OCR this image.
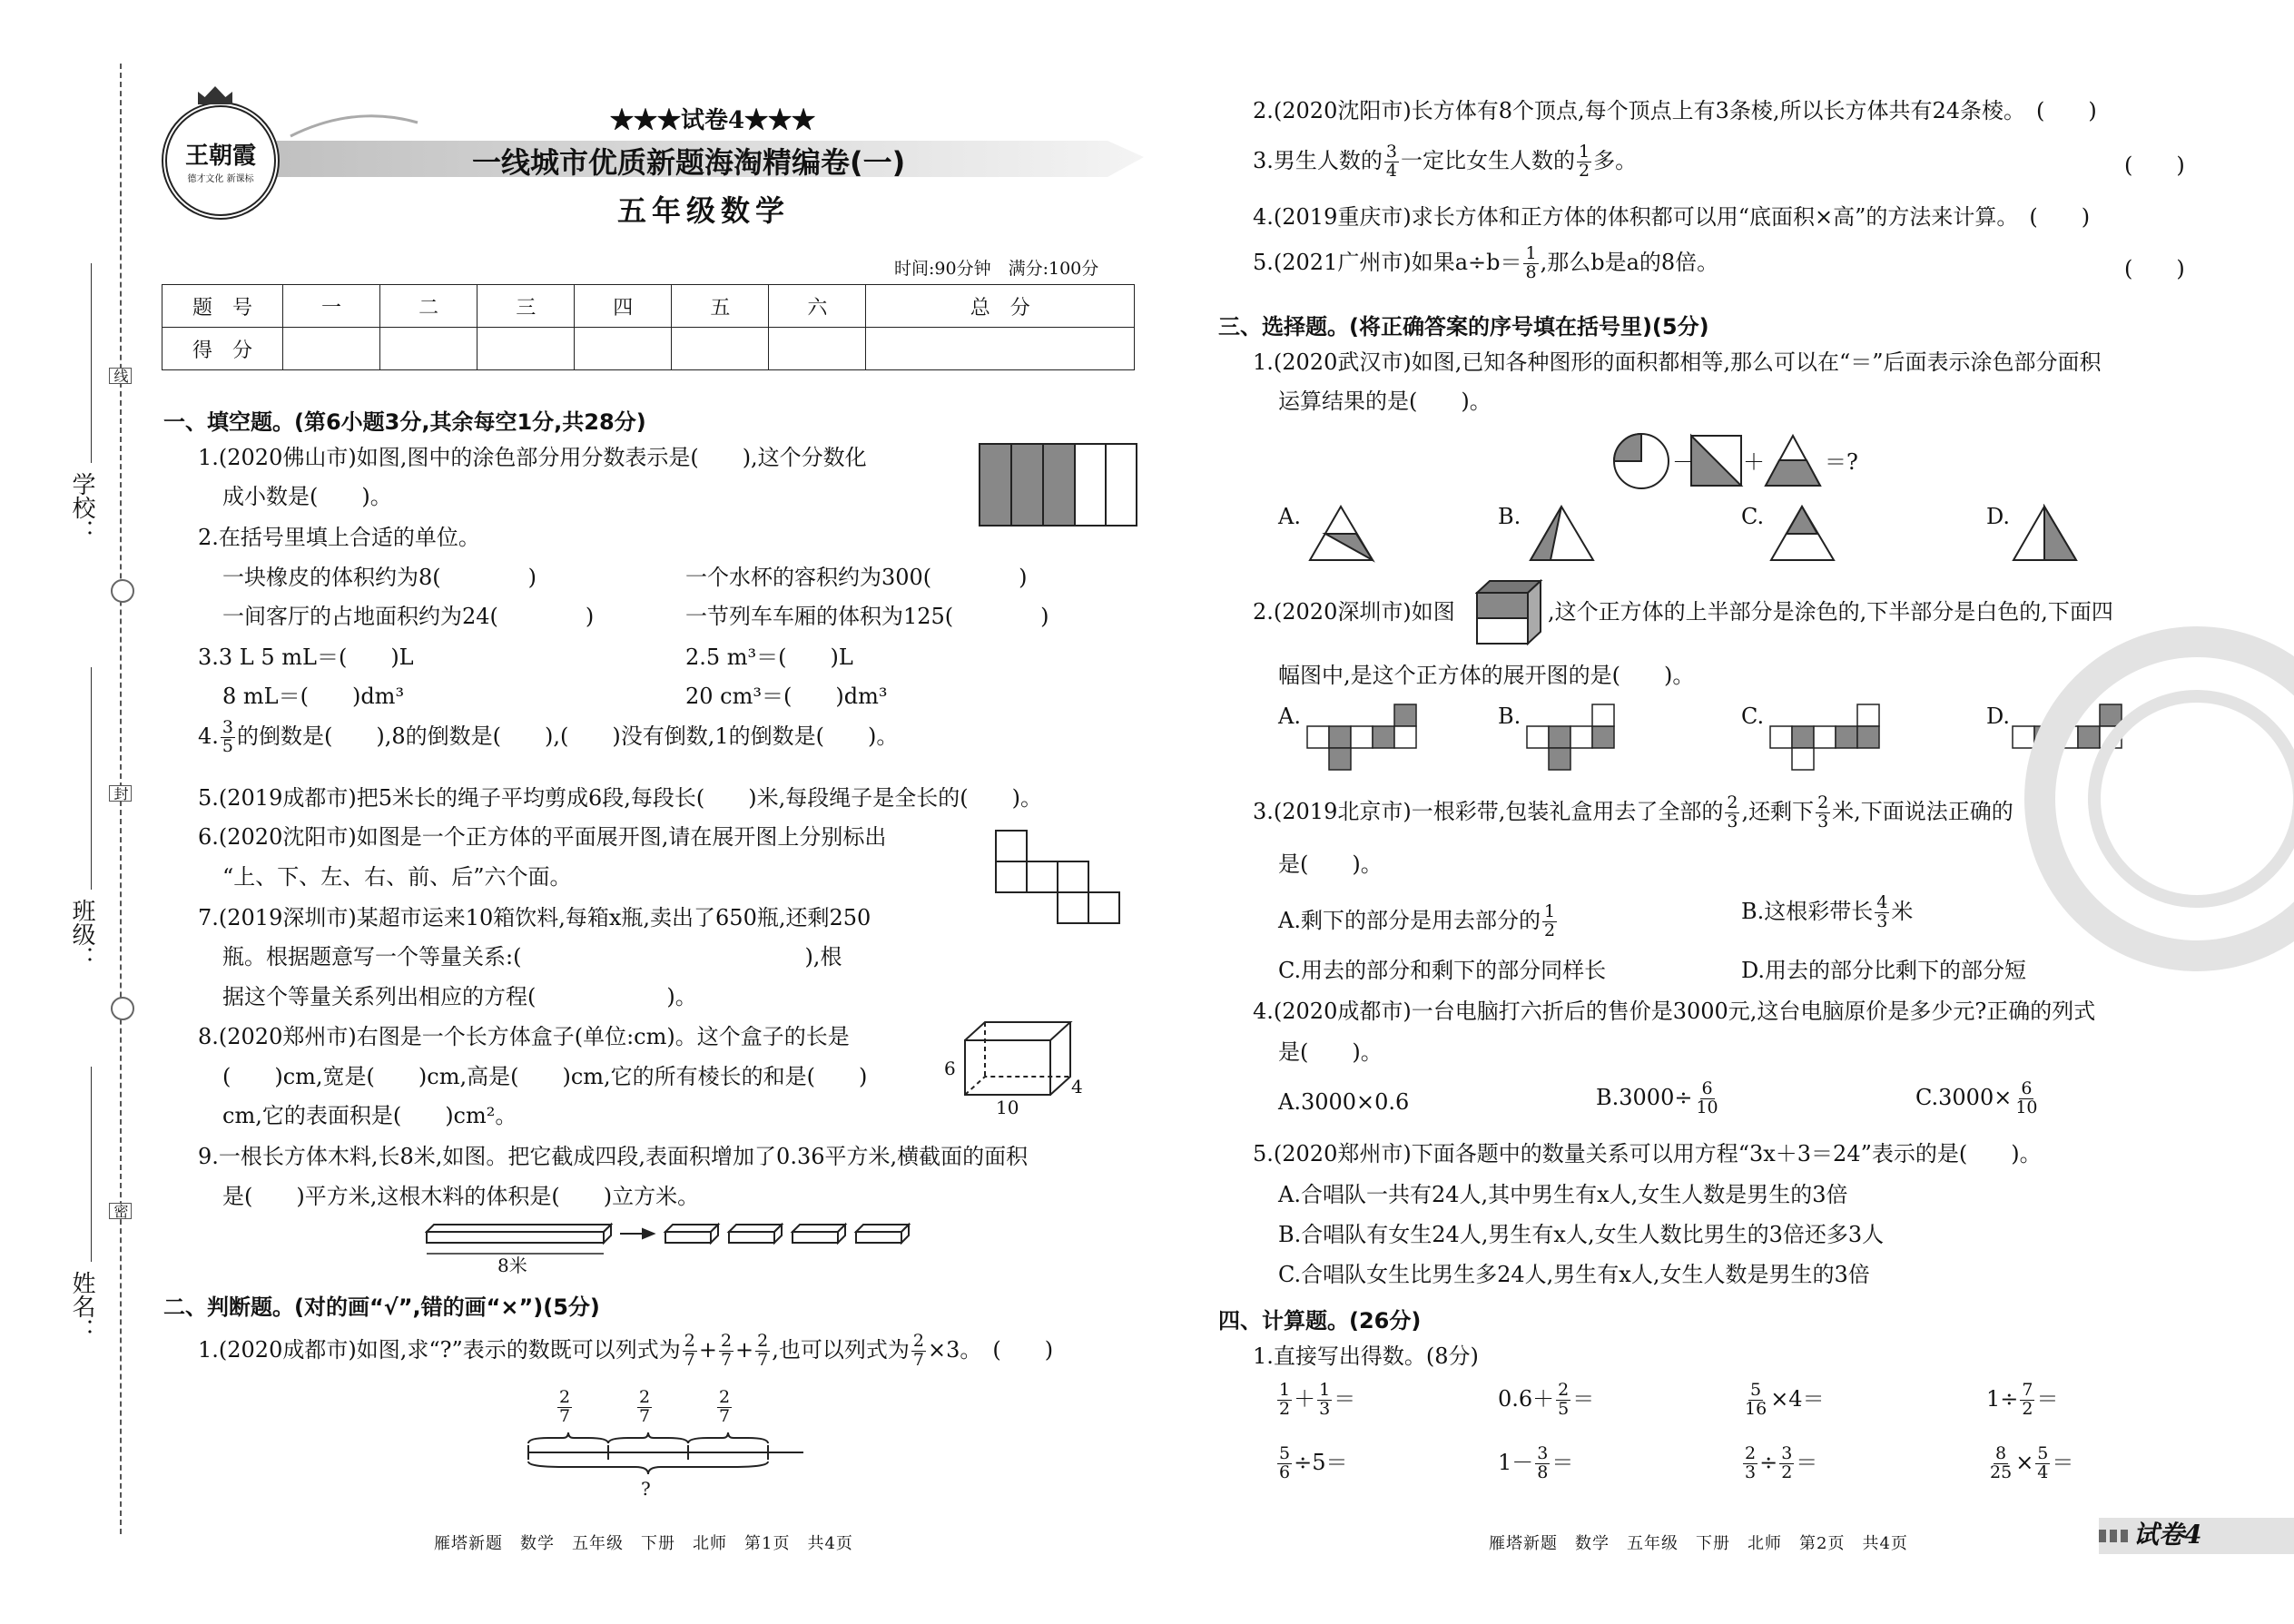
学校：
班级：
姓名：
线
封
密
王朝霞
德才文化 新课标
★★★试卷4★★★
一线城市优质新题海淘精编卷(一)
五年级数学
时间:90分钟　满分:100分
题　号	一	二	三	四	五	六	总　分
得　分							
一、填空题。(第6小题3分,其余每空1分,共28分)
1.(2020佛山市)如图,图中的涂色部分用分数表示是(　　),这个分数化
成小数是(　　)。
2.在括号里填上合适的单位。
一块橡皮的体积约为8(　　　　)	一个水杯的容积约为300(　　　　)
一间客厅的占地面积约为24(　　　　)	一节列车车厢的体积为125(　　　　)
3.3 L 5 mL＝(　　)L	2.5 m³＝(　　)L
8 mL＝(　　)dm³	20 cm³＝(　　)dm³
4. $\frac{3}{5}$ 的倒数是(　　),8的倒数是(　　),(　　)没有倒数,1的倒数是(　　)。
5.(2019成都市)把5米长的绳子平均剪成6段,每段长(　　)米,每段绳子是全长的(　　)。
6.(2020沈阳市)如图是一个正方体的平面展开图,请在展开图上分别标出
“上、下、左、右、前、后”六个面。
7.(2019深圳市)某超市运来10箱饮料,每箱x瓶,卖出了650瓶,还剩250
瓶。根据题意写一个等量关系:(　　　　　　　　　　　　　),根
据这个等量关系列出相应的方程(　　　　　　)。
8.(2020郑州市)右图是一个长方体盒子(单位:cm)。这个盒子的长是
(　　)cm,宽是(　　)cm,高是(　　)cm,它的所有棱长的和是(　　)
cm,它的表面积是(　　)cm²。
6
4
10
9.一根长方体木料,长8米,如图。把它截成四段,表面积增加了0.36平方米,横截面的面积
是(　　)平方米,这根木料的体积是(　　)立方米。
8米
二、判断题。(对的画“√”,错的画“×”)(5分)
1.(2020成都市)如图,求“?”表示的数既可以列式为 $\frac{2}{7} + \frac{2}{7} + \frac{2}{7}$ ,也可以列式为 $\frac{2}{7} \times 3$。　(　　)
$\frac{2}{7}$	$\frac{2}{7}$	$\frac{2}{7}$
?
2.(2020沈阳市)长方体有8个顶点,每个顶点上有3条棱,所以长方体共有24条棱。　(　　)
3.男生人数的 $\frac{3}{4}$ 一定比女生人数的 $\frac{1}{2}$ 多。	(　　)
4.(2019重庆市)求长方体和正方体的体积都可以用“底面积×高”的方法来计算。　(　　)
5.(2021广州市)如果$a\div b= \frac{1}{8}$ ,那么b是a的8倍。	(　　)
三、选择题。(将正确答案的序号填在括号里)(5分)
1.(2020武汉市)如图,已知各种图形的面积都相等,那么可以在“＝”后面表示涂色部分面积
运算结果的是(　　)。
－ ＋	＝?
A.	B.	C.	D.
2.(2020深圳市)如图	,这个正方体的上半部分是涂色的,下半部分是白色的,下面四
幅图中,是这个正方体的展开图的是(　　)。
A.	B.	C.	D.
3.(2019北京市)一根彩带,包装礼盒用去了全部的 $\frac{2}{3}$ ,还剩下 $\frac{2}{3}$ 米,下面说法正确的
是(　　)。
A.剩下的部分是用去部分的 $\frac{1}{2}$	B.这根彩带长 $\frac{4}{3}$ 米
C.用去的部分和剩下的部分同样长	D.用去的部分比剩下的部分短
4.(2020成都市)一台电脑打六折后的售价是3000元,这台电脑原价是多少元?正确的列式
是(　　)。
A.3000×0.6	$B.3000\div \frac{6}{10}$	$C.3000\times \frac{6}{10}$
5.(2020郑州市)下面各题中的数量关系可以用方程“3x＋3＝24”表示的是(　　)。
A.合唱队一共有24人,其中男生有x人,女生人数是男生的3倍
B.合唱队有女生24人,男生有x人,女生人数比男生的3倍还多3人
C.合唱队女生比男生多24人,男生有x人,女生人数是男生的3倍
四、计算题。(26分)
1.直接写出得数。(8分)
$\frac{1}{2} + \frac{1}{3}$ ＝	$0.6+ \frac{2}{5}$ ＝	$\frac{5}{16} \times 4=$	$1\div \frac{7}{2}$ ＝
$\frac{5}{6} \div 5=$	$1- \frac{3}{8}$ ＝	$\frac{2}{3} \div \frac{3}{2}$ ＝	$\frac{8}{25} \times \frac{5}{4}$ ＝
雁塔新题　数学　五年级　下册　北师　第1页　共4页	雁塔新题　数学　五年级　下册　北师　第2页　共4页	试卷4
